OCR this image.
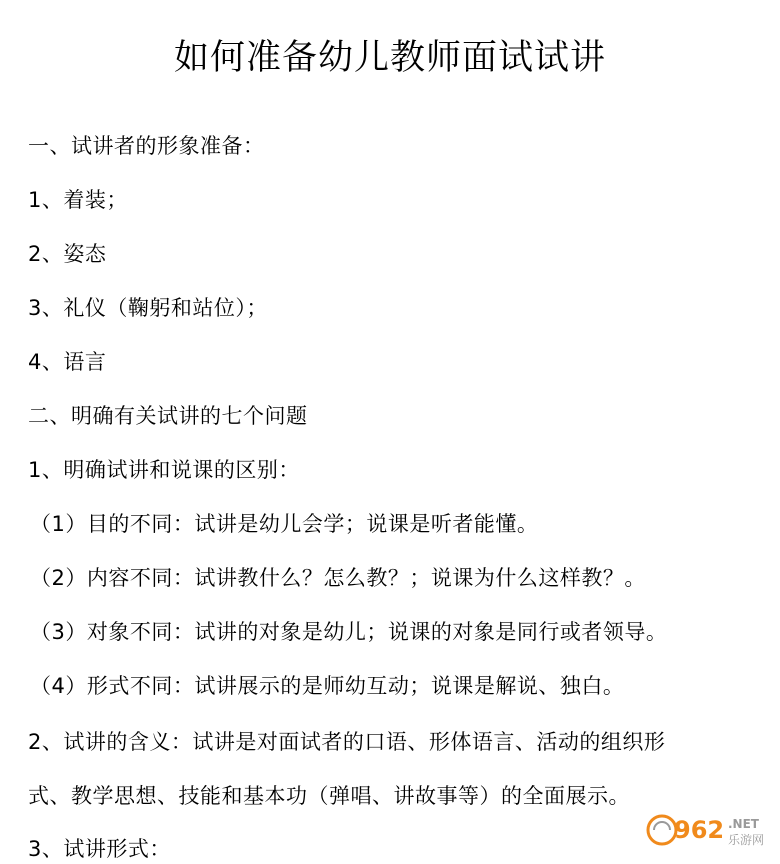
如何准备幼儿教师面试试讲
一、试讲者的形象准备：
1、着装；
2、姿态
3、礼仪（鞠躬和站位）；
4、语言
二、明确有关试讲的七个问题
1、明确试讲和说课的区别：
（1）目的不同：试讲是幼儿会学；说课是听者能懂。
（2）内容不同：试讲教什么？怎么教？；说课为什么这样教？。
（3）对象不同：试讲的对象是幼儿；说课的对象是同行或者领导。
（4）形式不同：试讲展示的是师幼互动；说课是解说、独白。
2、试讲的含义：试讲是对面试者的口语、形体语言、活动的组织形
式、教学思想、技能和基本功（弹唱、讲故事等）的全面展示。
3、试讲形式：
962 .NET
乐游网
